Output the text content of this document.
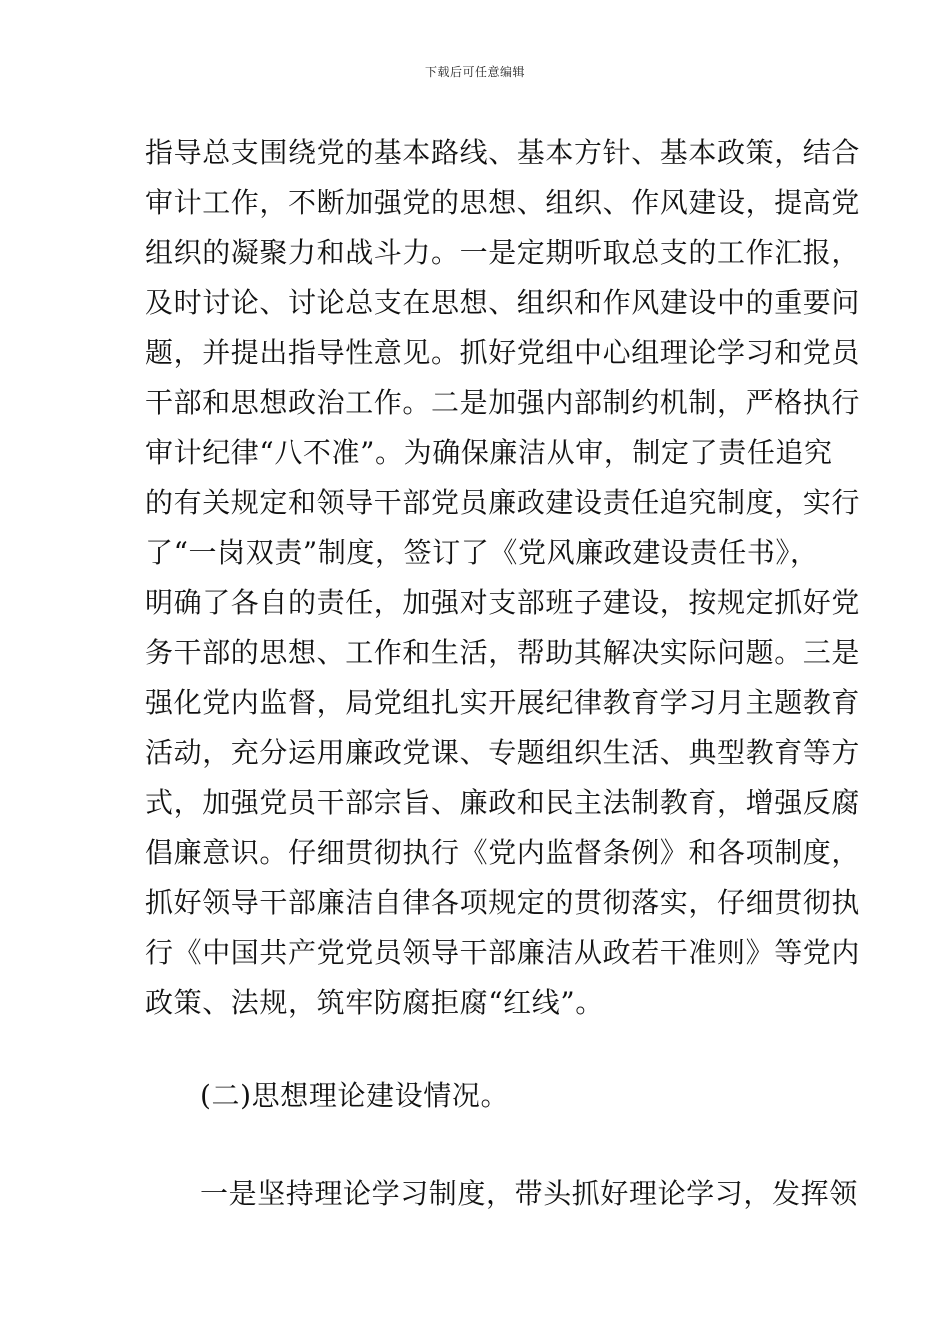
下载后可任意编辑
指导总支围绕党的基本路线、基本方针、基本政策，结合
审计工作，不断加强党的思想、组织、作风建设，提高党
组织的凝聚力和战斗力。一是定期听取总支的工作汇报，
及时讨论、讨论总支在思想、组织和作风建设中的重要问
题，并提出指导性意见。抓好党组中心组理论学习和党员
干部和思想政治工作。二是加强内部制约机制，严格执行
审计纪律“八不准”。为确保廉洁从审，制定了责任追究
的有关规定和领导干部党员廉政建设责任追究制度，实行
了“一岗双责”制度，签订了《党风廉政建设责任书》，
明确了各自的责任，加强对支部班子建设，按规定抓好党
务干部的思想、工作和生活，帮助其解决实际问题。三是
强化党内监督，局党组扎实开展纪律教育学习月主题教育
活动，充分运用廉政党课、专题组织生活、典型教育等方
式，加强党员干部宗旨、廉政和民主法制教育，增强反腐
倡廉意识。仔细贯彻执行《党内监督条例》和各项制度，
抓好领导干部廉洁自律各项规定的贯彻落实，仔细贯彻执
行《中国共产党党员领导干部廉洁从政若干准则》等党内
政策、法规，筑牢防腐拒腐“红线”。
(二)思想理论建设情况。
一是坚持理论学习制度，带头抓好理论学习，发挥领
